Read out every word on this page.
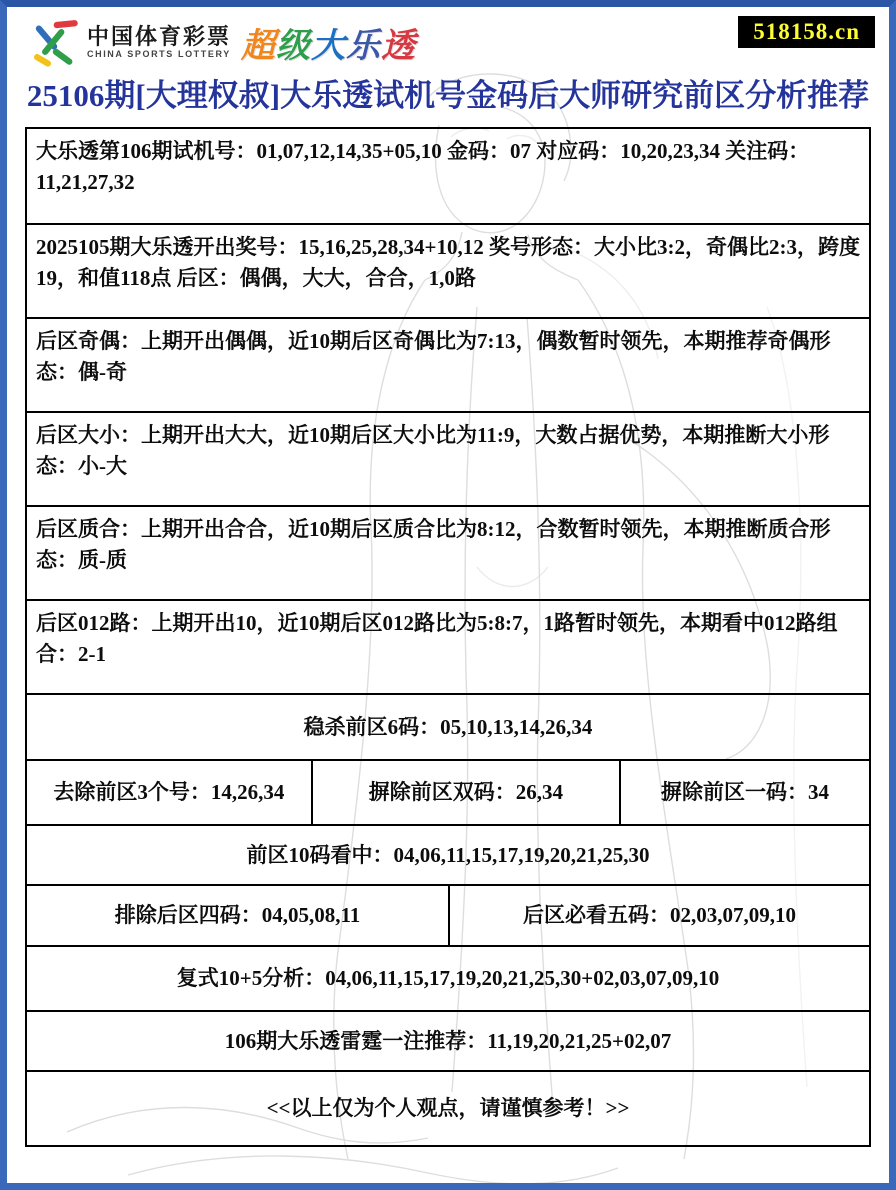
中国体育彩票
CHINA SPORTS LOTTERY 超级大乐透	518158.cn
25106期[大理权叔]大乐透试机号金码后大师研究前区分析推荐
大乐透第106期试机号：01,07,12,14,35+05,10 金码：07 对应码：10,20,23,34 关注码：11,21,27,32
2025105期大乐透开出奖号：15,16,25,28,34+10,12 奖号形态：大小比3:2，奇偶比2:3，跨度19，和值118点 后区：偶偶，大大，合合，1,0路
后区奇偶：上期开出偶偶，近10期后区奇偶比为7:13，偶数暂时领先，本期推荐奇偶形态：偶-奇
后区大小：上期开出大大，近10期后区大小比为11:9，大数占据优势，本期推断大小形态：小-大
后区质合：上期开出合合，近10期后区质合比为8:12，合数暂时领先，本期推断质合形态：质-质
后区012路：上期开出10，近10期后区012路比为5:8:7，1路暂时领先，本期看中012路组合：2-1
稳杀前区6码：05,10,13,14,26,34
去除前区3个号：14,26,34	摒除前区双码：26,34	摒除前区一码：34
前区10码看中：04,06,11,15,17,19,20,21,25,30
排除后区四码：04,05,08,11	后区必看五码：02,03,07,09,10
复式10+5分析：04,06,11,15,17,19,20,21,25,30+02,03,07,09,10
106期大乐透雷霆一注推荐：11,19,20,21,25+02,07
<<以上仅为个人观点，请谨慎参考！>>
